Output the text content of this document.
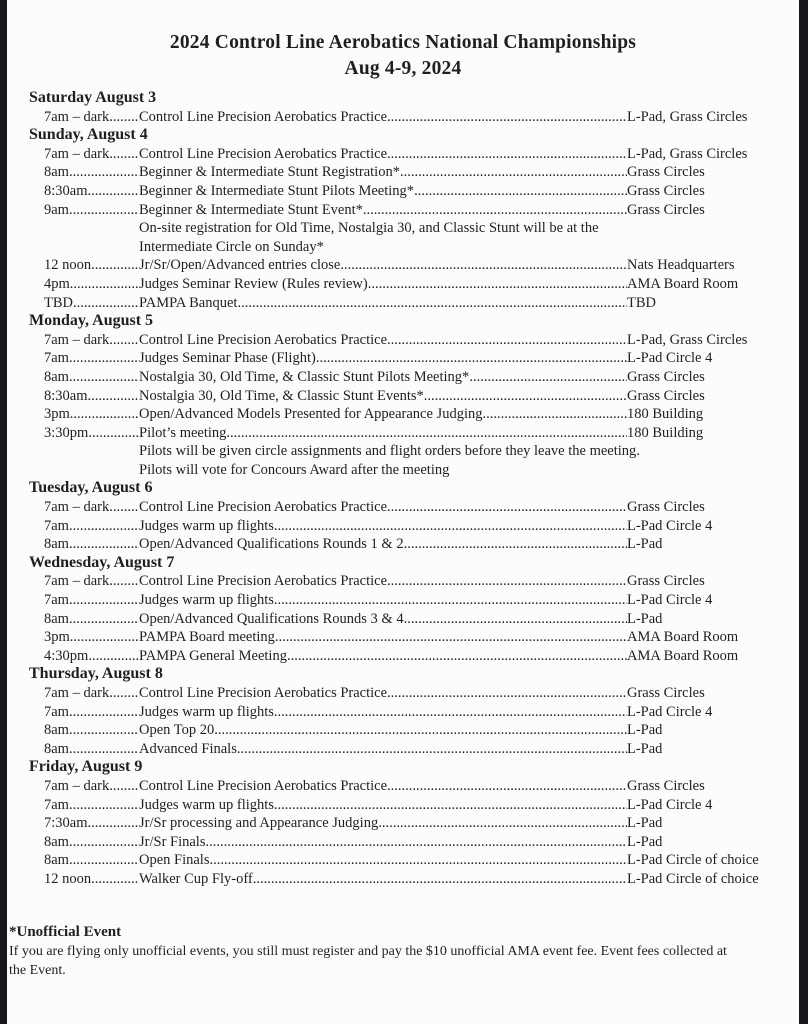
2024 Control Line Aerobatics National Championships
Aug 4-9, 2024
Saturday August 3
7am – dark ..... Control Line Precision Aerobatics Practice .....	L-Pad, Grass Circles
Sunday, August 4
7am – dark ..... Control Line Precision Aerobatics Practice .....	L-Pad, Grass Circles
8am .....	Beginner & Intermediate Stunt Registration* .....	Grass Circles
8:30am .....	Beginner & Intermediate Stunt Pilots Meeting* .....	Grass Circles
9am .....	Beginner & Intermediate Stunt Event* .....	Grass Circles
On-site registration for Old Time, Nostalgia 30, and Classic Stunt will be at the
Intermediate Circle on Sunday*
12 noon .....	Jr/Sr/Open/Advanced entries close .....	Nats Headquarters
4pm .....	Judges Seminar Review (Rules review) .....	AMA Board Room
TBD .....	PAMPA Banquet .....	TBD
Monday, August 5
7am – dark ..... Control Line Precision Aerobatics Practice .....	L-Pad, Grass Circles
7am .....	Judges Seminar Phase (Flight) .....	L-Pad Circle 4
8am .....	Nostalgia 30, Old Time, & Classic Stunt Pilots Meeting* .....	Grass Circles
8:30am .....	Nostalgia 30, Old Time, & Classic Stunt Events* .....	Grass Circles
3pm .....	Open/Advanced Models Presented for Appearance Judging .....	180 Building
3:30pm .....	Pilot’s meeting .....	180 Building
Pilots will be given circle assignments and flight orders before they leave the meeting.
Pilots will vote for Concours Award after the meeting
Tuesday, August 6
7am – dark ..... Control Line Precision Aerobatics Practice .....	Grass Circles
7am .....	Judges warm up flights .....	L-Pad Circle 4
8am .....	Open/Advanced Qualifications Rounds 1 & 2 .....	L-Pad
Wednesday, August 7
7am – dark ..... Control Line Precision Aerobatics Practice .....	Grass Circles
7am .....	Judges warm up flights .....	L-Pad Circle 4
8am .....	Open/Advanced Qualifications Rounds 3 & 4 .....	L-Pad
3pm .....	PAMPA Board meeting .....	AMA Board Room
4:30pm .....	PAMPA General Meeting .....	AMA Board Room
Thursday, August 8
7am – dark ..... Control Line Precision Aerobatics Practice .....	Grass Circles
7am .....	Judges warm up flights .....	L-Pad Circle 4
8am .....	Open Top 20 .....	L-Pad
8am .....	Advanced Finals .....	L-Pad
Friday, August 9
7am – dark ..... Control Line Precision Aerobatics Practice .....	Grass Circles
7am .....	Judges warm up flights .....	L-Pad Circle 4
7:30am .....	Jr/Sr processing and Appearance Judging .....	L-Pad
8am .....	Jr/Sr Finals .....	L-Pad
8am .....	Open Finals .....	L-Pad Circle of choice
12 noon .....	Walker Cup Fly-off .....	L-Pad Circle of choice
*Unofficial Event
If you are flying only unofficial events, you still must register and pay the $10 unofficial AMA event fee. Event fees collected at the Event.
